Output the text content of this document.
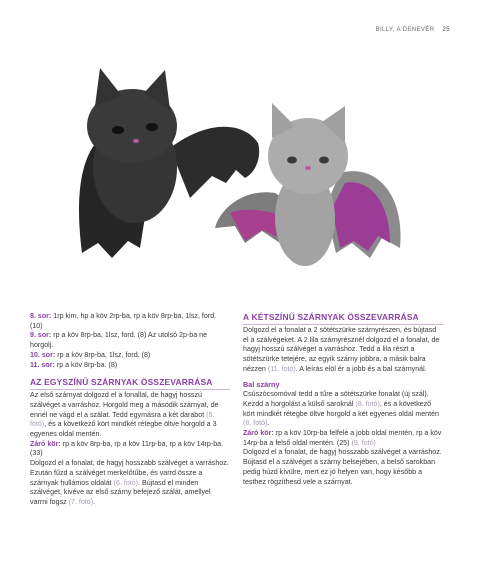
BILLY, A DENEVÉR 25

8. sor: 1rp kim, hp a köv 2rp-ba, rp a köv 8rp-ba, 1lsz, ford. (10)

9. sor: rp a köv 8rp-ba, 1lsz, ford. (8) Az utolsó 2p-ba ne horgolj.

10. sor: rp a köv 8rp-ba, 1lsz, ford. (8)

11. sor: rp a köv 8rp-ba. (8)

AZ EGYSZÍNŰ SZÁRNYAK ÖSSZEVARRÁSA

Az első szárnyat dolgozd el a fonallal, de hagyj hosszú szálvéget a varráshoz. Horgold meg a második szárnyat, de ennél ne vágd el a szálat. Tedd egymásra a két darabot (5. fotó), és a következő kört mindkét rétegbe öltve horgold a 3 egyenes oldal mentén.

Záró kör: rp a köv 8rp-ba, rp a köv 11rp-ba, rp a köv 14rp-ba. (33)

Dolgozd el a fonalat, de hagyj hosszabb szálvéget a varráshoz. Ezután fűzd a szálvéget merkelőtűbe, és varrd össze a szárnyak hullámos oldalát (6. fotó). Bújtasd el minden szálvéget, kivéve az első szárny befejező szálát, amellyel varrni fogsz (7. fotó).

A KÉTSZÍNŰ SZÁRNYAK ÖSSZEVARRÁSA

Dolgozd el a fonalat a 2 sötétszürke szárnyrészen, és bújtasd el a szálvégeket. A 2 lila szárnyrésznél dolgozd el a fonalat, de hagyj hosszú szálvéget a varráshoz. Tedd a lila részt a sötétszürke tetejére, az egyik szárny jobbra, a másik balra nézzen (11. fotó). A leírás elöl ér a jobb és a bal szárnynál.

Bal szárny

Csúszócsomóval tedd a tűre a sötétszürke fonalat (új szál). Kezdd a horgolást a külső saroknál (8. fotó), és a következő kört mindkét rétegbe öltve horgold a két egyenes oldal mentén (8. fotó).

Záró kör: rp a köv 10rp-ba felfelé a jobb oldal mentén, rp a köv 14rp-ba a felső oldal mentén. (25) (9. fotó)

Dolgozd el a fonalat, de hagyj hosszabb szálvéget a varráshoz. Bújtasd el a szálvéget a szárny belsejében, a belső sarokban pedig húzd kívülre, mert ez jó helyen van, hogy később a testhez rögzíthesd vele a szárnyat.
